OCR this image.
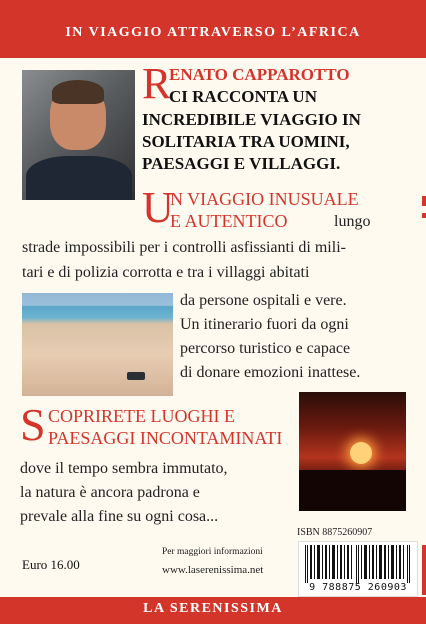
IN VIAGGIO ATTRAVERSO L’AFRICA
R
ENATO CAPPAROTTO
CI RACCONTA UN
INCREDIBILE VIAGGIO IN SOLITARIA TRA UOMINI, PAESAGGI E VILLAGGI.
U
N VIAGGIO INUSUALE
E AUTENTICO	lungo
strade impossibili per i controlli asfissianti di mili-
tari e di polizia corrotta e tra i villaggi abitati
da persone ospitali e vere.
Un itinerario fuori da ogni
percorso turistico e capace
di donare emozioni inattese.
S COPRIRETE LUOGHI E
PAESAGGI INCONTAMINATI
dove il tempo sembra immutato,
la natura è ancora padrona e
prevale alla fine su ogni cosa...
ISBN 8875260907
9 788875 260903
Euro 16.00
Per maggiori informazioni
www.laserenissima.net
LA SERENISSIMA
